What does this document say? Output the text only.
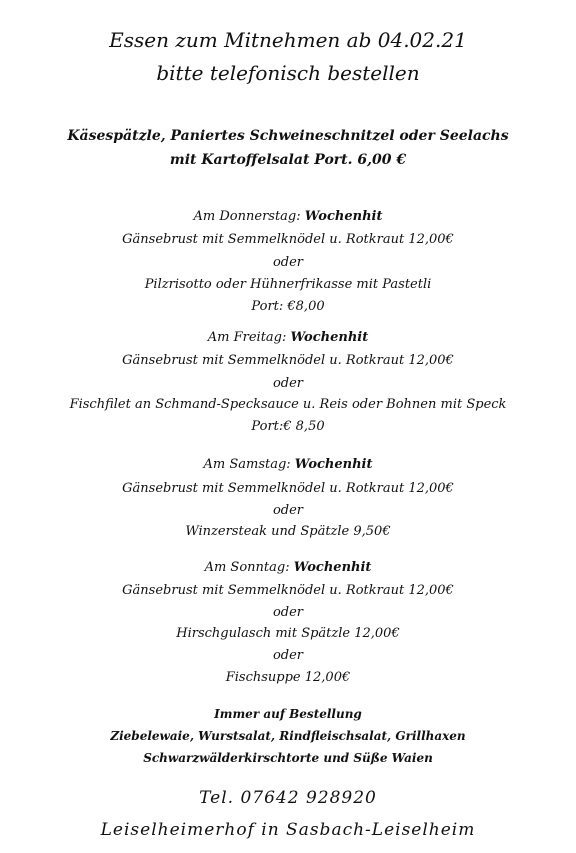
Essen zum Mitnehmen ab 04.02.21
bitte telefonisch bestellen
Käsespätzle, Paniertes Schweineschnitzel oder Seelachs
mit Kartoffelsalat Port. 6,00 €
Am Donnerstag: Wochenhit
Gänsebrust mit Semmelknödel u. Rotkraut 12,00€
oder
Pilzrisotto oder Hühnerfrikasse mit Pastetli
Port: €8,00
Am Freitag: Wochenhit
Gänsebrust mit Semmelknödel u. Rotkraut 12,00€
oder
Fischfilet an Schmand-Specksauce u. Reis oder Bohnen mit Speck
Port:€ 8,50
Am Samstag: Wochenhit
Gänsebrust mit Semmelknödel u. Rotkraut 12,00€
oder
Winzersteak und Spätzle 9,50€
Am Sonntag: Wochenhit
Gänsebrust mit Semmelknödel u. Rotkraut 12,00€
oder
Hirschgulasch mit Spätzle 12,00€
oder
Fischsuppe 12,00€
Immer auf Bestellung
Ziebelewaie, Wurstsalat, Rindfleischsalat, Grillhaxen
Schwarzwälderkirschtorte und Süße Waien
Tel. 07642 928920
Leiselheimerhof in Sasbach-Leiselheim
